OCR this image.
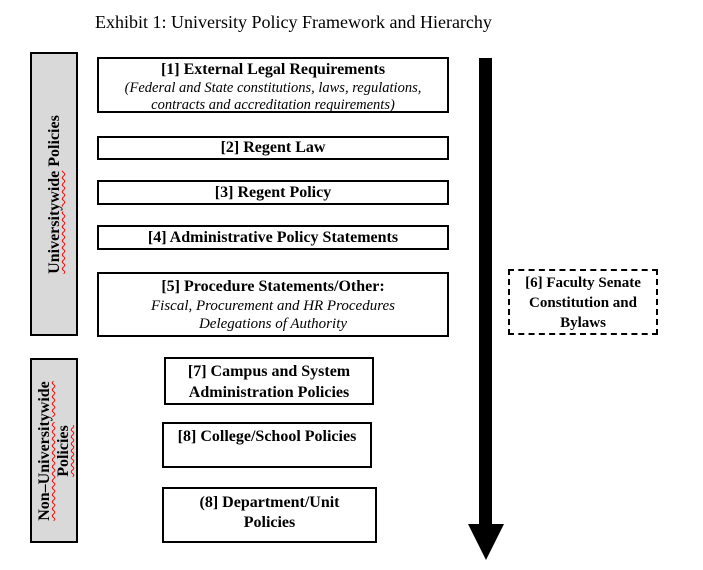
Exhibit 1: University Policy Framework and Hierarchy
Universitywide Policies
Non–Universitywide Policies
[1] External Legal Requirements
(Federal and State constitutions, laws, regulations,
contracts and accreditation requirements)
[2] Regent Law
[3] Regent Policy
[4] Administrative Policy Statements
[5] Procedure Statements/Other:
Fiscal, Procurement and HR Procedures
Delegations of Authority
[6] Faculty Senate
Constitution and
Bylaws
[7] Campus and System
Administration Policies
[8] College/School Policies
(8] Department/Unit
Policies
